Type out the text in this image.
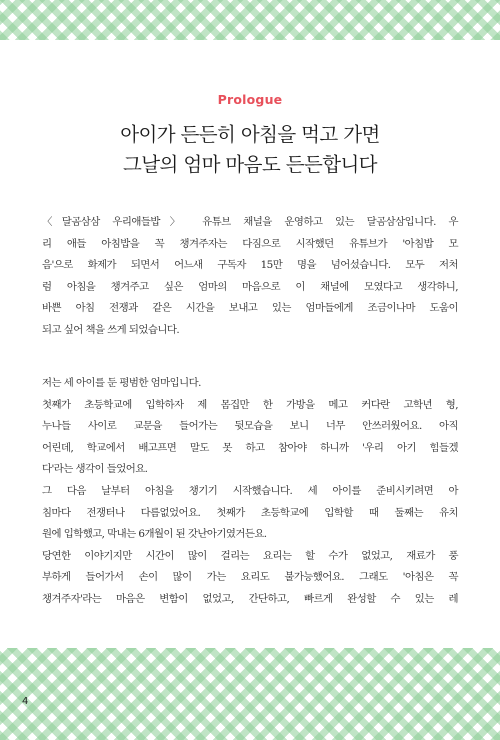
Prologue
아이가 든든히 아침을 먹고 가면
그날의 엄마 마음도 든든합니다
〈달곰삼삼 우리애들밥〉 유튜브 채널을 운영하고 있는 달곰삼삼입니다. 우
리 애들 아침밥을 꼭 챙겨주자는 다짐으로 시작했던 유튜브가 '아침밥 모
음'으로 화제가 되면서 어느새 구독자 15만 명을 넘어섰습니다. 모두 저처
럼 아침을 챙겨주고 싶은 엄마의 마음으로 이 채널에 모였다고 생각하니,
바쁜 아침 전쟁과 같은 시간을 보내고 있는 엄마들에게 조금이나마 도움이
되고 싶어 책을 쓰게 되었습니다.
저는 세 아이를 둔 평범한 엄마입니다.
첫째가 초등학교에 입학하자 제 몸집만 한 가방을 메고 커다란 고학년 형,
누나들 사이로 교문을 들어가는 뒷모습을 보니 너무 안쓰러웠어요. 아직
어린데, 학교에서 배고프면 말도 못 하고 참아야 하니까 '우리 아기 힘들겠
다'라는 생각이 들었어요.
그 다음 날부터 아침을 챙기기 시작했습니다. 세 아이를 준비시키려면 아
침마다 전쟁터나 다름없었어요. 첫째가 초등학교에 입학할 때 둘째는 유치
원에 입학했고, 막내는 6개월이 된 갓난아기였거든요.
당연한 이야기지만 시간이 많이 걸리는 요리는 할 수가 없었고, 재료가 풍
부하게 들어가서 손이 많이 가는 요리도 불가능했어요. 그래도 '아침은 꼭
챙겨주자'라는 마음은 변함이 없었고, 간단하고, 빠르게 완성할 수 있는 레
4
